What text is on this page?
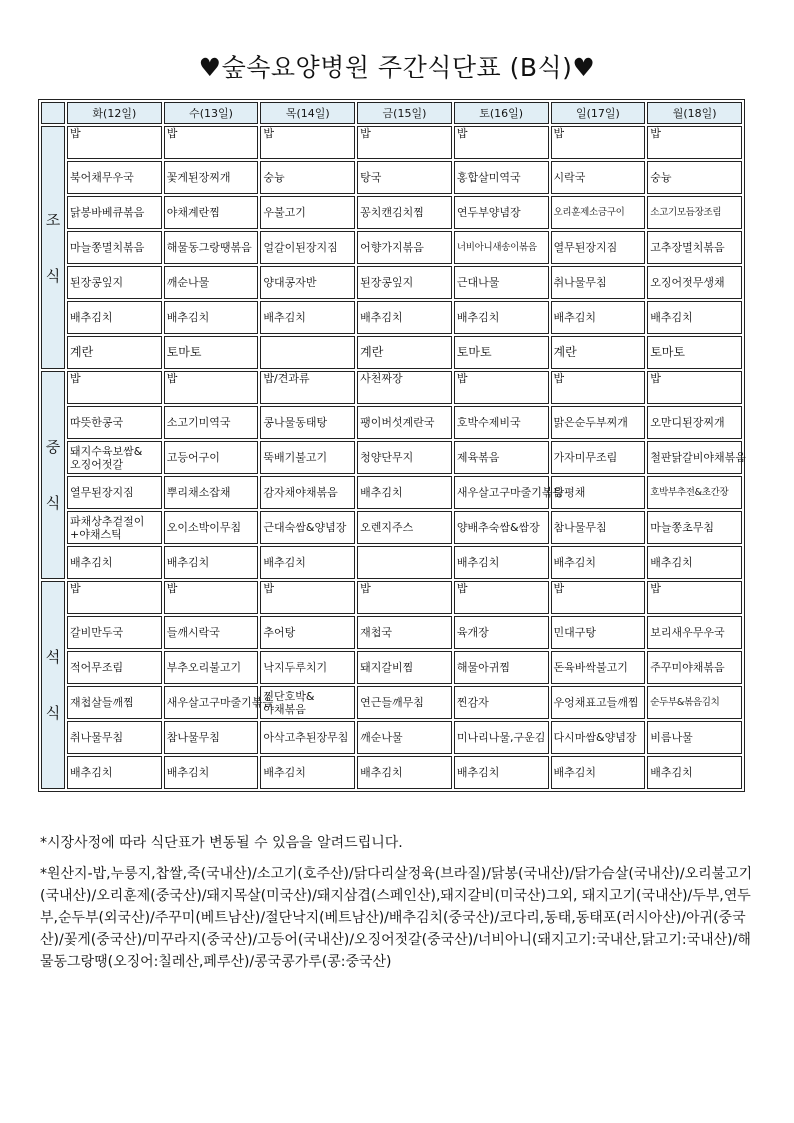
♥숲속요양병원 주간식단표 (B식)♥
	화(12일)	수(13일)	목(14일)	금(15일)	토(16일)	일(17일)	월(18일)
조

식	밥	밥	밥	밥	밥	밥	밥
	북어채무우국	꽃게된장찌개	숭늉	탕국	홍합살미역국	시락국	숭늉
	닭봉바베큐볶음	야채계란찜	우불고기	꽁치캔김치찜	연두부양념장	오리훈제소금구이	소고기모듬장조림
	마늘쫑멸치볶음	해물동그랑땡볶음	얼갈이된장지짐	어향가지볶음	너비아니새송이볶음	열무된장지짐	고추장멸치볶음
	된장콩잎지	깨순나물	양대콩자반	된장콩잎지	근대나물	취나물무침	오징어젓무생채
	배추김치	배추김치	배추김치	배추김치	배추김치	배추김치	배추김치
	계란	토마토		계란	토마토	계란	토마토
중

식	밥	밥	밥/견과류	사천짜장	밥	밥	밥
	따뜻한콩국	소고기미역국	콩나물동태탕	팽이버섯계란국	호박수제비국	맑은순두부찌개	오만디된장찌개
	돼지수육보쌈&오징어젓갈	고등어구이	뚝배기불고기	청양단무지	제육볶음	가자미무조림	철판닭갈비야채볶음
	열무된장지짐	뿌리채소잡채	감자채야채볶음	배추김치	새우살고구마줄기볶음	탕평채	호박부추전&초간장
	파채상추겉절이+야채스틱	오이소박이무침	근대숙쌈&양념장	오렌지주스	양배추숙쌈&쌈장	참나물무침	마늘쫑초무침
	배추김치	배추김치	배추김치		배추김치	배추김치	배추김치
석

식	밥	밥	밥	밥	밥	밥	밥
	갈비만두국	들깨시락국	추어탕	재첩국	육개장	민대구탕	보리새우무우국
	적어무조림	부추오리불고기	낙지두루치기	돼지갈비찜	해물아귀찜	돈육바싹불고기	주꾸미야채볶음
	재첩살들깨찜	새우살고구마줄기볶음	찐단호박&야채볶음	연근들깨무침	찐감자	우엉채표고들깨찜	순두부&볶음김치
	취나물무침	참나물무침	아삭고추된장무침	깨순나물	미나리나물,구운김	다시마쌈&양념장	비름나물
	배추김치	배추김치	배추김치	배추김치	배추김치	배추김치	배추김치

*시장사정에 따라 식단표가 변동될 수 있음을 알려드립니다.

*원산지-밥,누룽지,찹쌀,죽(국내산)/소고기(호주산)/닭다리살정육(브라질)/닭봉(국내산)/닭가슴살(국내산)/오리불고기(국내산)/오리훈제(중국산)/돼지목살(미국산)/돼지삼겹(스페인산),돼지갈비(미국산)그외, 돼지고기(국내산)/두부,연두부,순두부(외국산)/주꾸미(베트남산)/절단낙지(베트남산)/배추김치(중국산)/코다리,동태,동태포(러시아산)/아귀(중국산)/꽃게(중국산)/미꾸라지(중국산)/고등어(국내산)/오징어젓갈(중국산)/너비아니(돼지고기:국내산,닭고기:국내산)/해물동그랑땡(오징어:칠레산,페루산)/콩국콩가루(콩:중국산)
